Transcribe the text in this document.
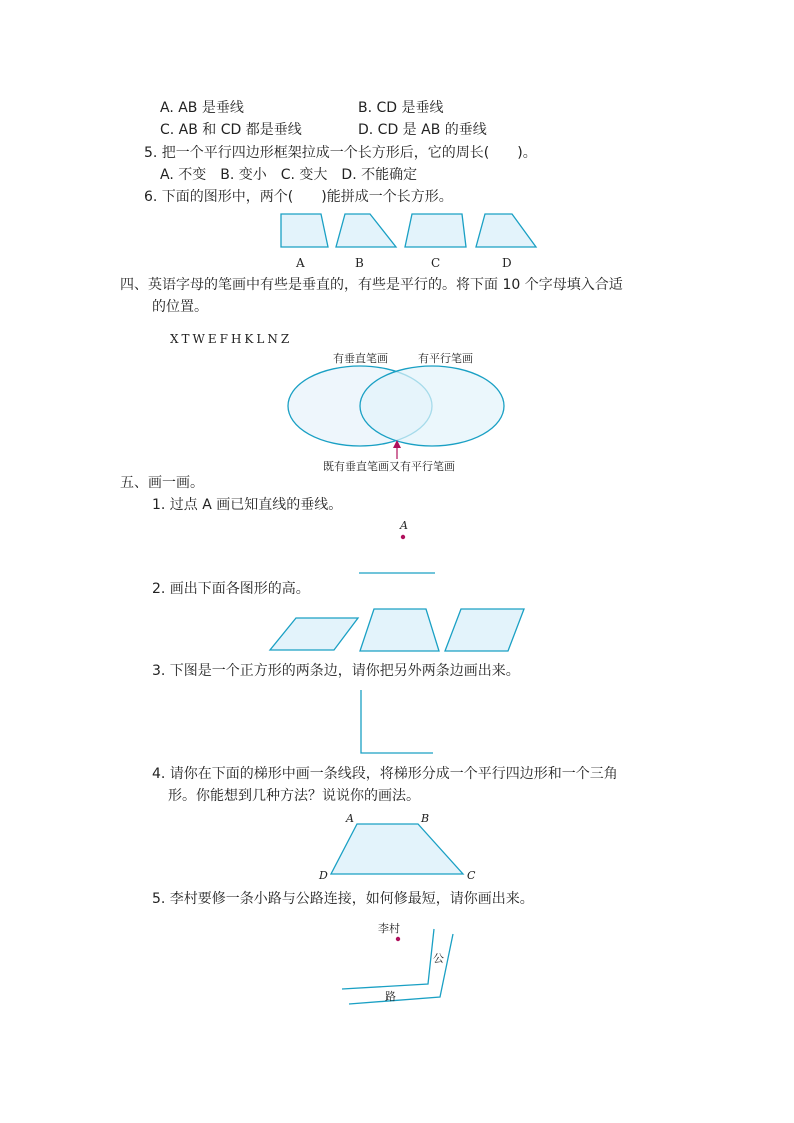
A. AB 是垂线	B. CD 是垂线
C. AB 和 CD 都是垂线	D. CD 是 AB 的垂线
5. 把一个平行四边形框架拉成一个长方形后，它的周长(　　)。
A. 不变　B. 变小　C. 变大　D. 不能确定
6. 下面的图形中，两个(　　)能拼成一个长方形。
A	B	C	D
四、英语字母的笔画中有些是垂直的，有些是平行的。将下面 10 个字母填入合适
的位置。
XTWEFHKLNZ
有垂直笔画	有平行笔画
既有垂直笔画又有平行笔画
五、画一画。
1. 过点 A 画已知直线的垂线。
A
2. 画出下面各图形的高。
3. 下图是一个正方形的两条边，请你把另外两条边画出来。
4. 请你在下面的梯形中画一条线段，将梯形分成一个平行四边形和一个三角
形。你能想到几种方法？说说你的画法。
A	B
C
D
5. 李村要修一条小路与公路连接，如何修最短，请你画出来。
李村
公
路
